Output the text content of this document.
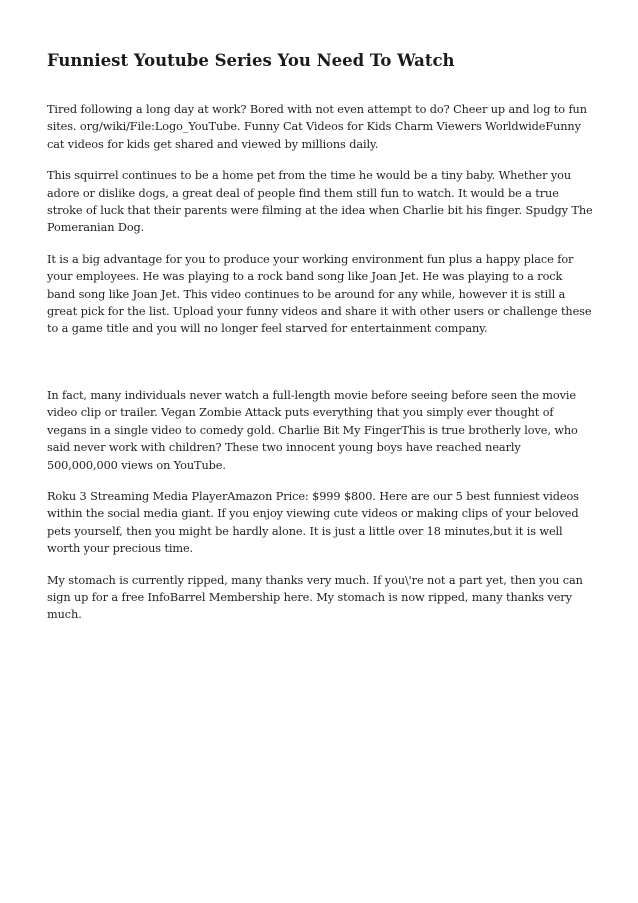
Funniest Youtube Series You Need To Watch

Tired following a long day at work? Bored with not even attempt to do? Cheer up and log to fun sites. org/wiki/File:Logo_YouTube. Funny Cat Videos for Kids Charm Viewers WorldwideFunny cat videos for kids get shared and viewed by millions daily.

This squirrel continues to be a home pet from the time he would be a tiny baby. Whether you adore or dislike dogs, a great deal of people find them still fun to watch. It would be a true stroke of luck that their parents were filming at the idea when Charlie bit his finger. Spudgy The Pomeranian Dog.

It is a big advantage for you to produce your working environment fun plus a happy place for your employees. He was playing to a rock band song like Joan Jet. He was playing to a rock band song like Joan Jet. This video continues to be around for any while, however it is still a great pick for the list. Upload your funny videos and share it with other users or challenge these to a game title and you will no longer feel starved for entertainment company.

In fact, many individuals never watch a full-length movie before seeing before seen the movie video clip or trailer. Vegan Zombie Attack puts everything that you simply ever thought of vegans in a single video to comedy gold. Charlie Bit My FingerThis is true brotherly love, who said never work with children? These two innocent young boys have reached nearly 500,000,000 views on YouTube.

Roku 3 Streaming Media PlayerAmazon Price: $999 $800. Here are our 5 best funniest videos within the social media giant. If you enjoy viewing cute videos or making clips of your beloved pets yourself, then you might be hardly alone. It is just a little over 18 minutes,but it is well worth your precious time.

My stomach is currently ripped, many thanks very much. If you\'re not a part yet, then you can sign up for a free InfoBarrel Membership here. My stomach is now ripped, many thanks very much.
